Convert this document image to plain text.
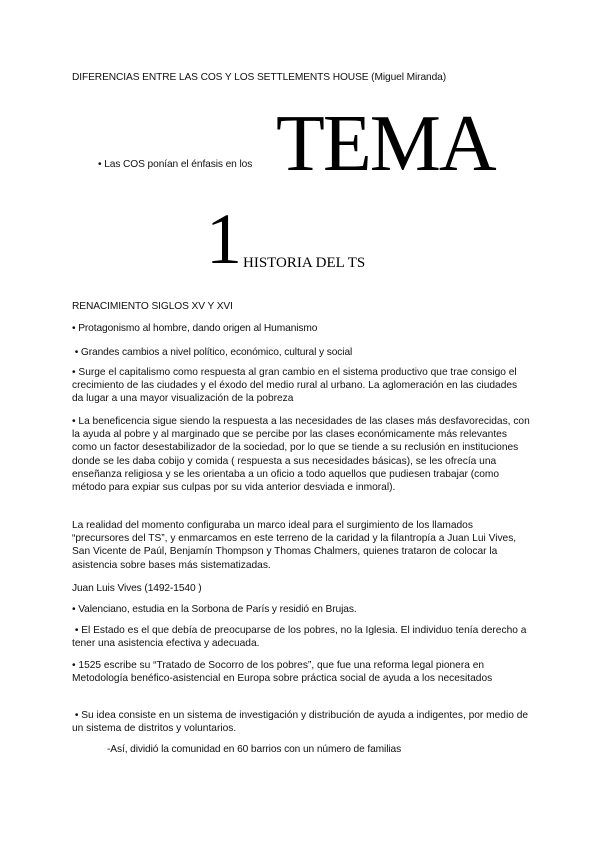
DIFERENCIAS ENTRE LAS COS Y LOS SETTLEMENTS HOUSE (Miguel Miranda)
• Las COS ponían el énfasis en los TEMA
1 HISTORIA DEL TS
RENACIMIENTO SIGLOS XV Y XVI
• Protagonismo al hombre, dando origen al Humanismo
• Grandes cambios a nivel político, económico, cultural y social
• Surge el capitalismo como respuesta al gran cambio en el sistema productivo que trae consigo el crecimiento de las ciudades y el éxodo del medio rural al urbano. La aglomeración en las ciudades da lugar a una mayor visualización de la pobreza
• La beneficencia sigue siendo la respuesta a las necesidades de las clases más desfavorecidas, con la ayuda al pobre y al marginado que se percibe por las clases económicamente más relevantes como un factor desestabilizador de la sociedad, por lo que se tiende a su reclusión en instituciones donde se les daba cobijo y comida ( respuesta a sus necesidades básicas), se les ofrecía una enseñanza religiosa y se les orientaba a un oficio a todo aquellos que pudiesen trabajar (como método para expiar sus culpas por su vida anterior desviada e inmoral).
La realidad del momento configuraba un marco ideal para el surgimiento de los llamados “precursores del TS”, y enmarcamos en este terreno de la caridad y la filantropía a Juan Lui Vives, San Vicente de Paúl, Benjamín Thompson y Thomas Chalmers, quienes trataron de colocar la asistencia sobre bases más sistematizadas.
Juan Luis Vives (1492-1540 )
• Valenciano, estudia en la Sorbona de París y residió en Brujas.
• El Estado es el que debía de preocuparse de los pobres, no la Iglesia. El individuo tenía derecho a tener una asistencia efectiva y adecuada.
• 1525 escribe su “Tratado de Socorro de los pobres”, que fue una reforma legal pionera en Metodología benéfico-asistencial en Europa sobre práctica social de ayuda a los necesitados
• Su idea consiste en un sistema de investigación y distribución de ayuda a indigentes, por medio de un sistema de distritos y voluntarios.
-Así, dividió la comunidad en 60 barrios con un número de familias
